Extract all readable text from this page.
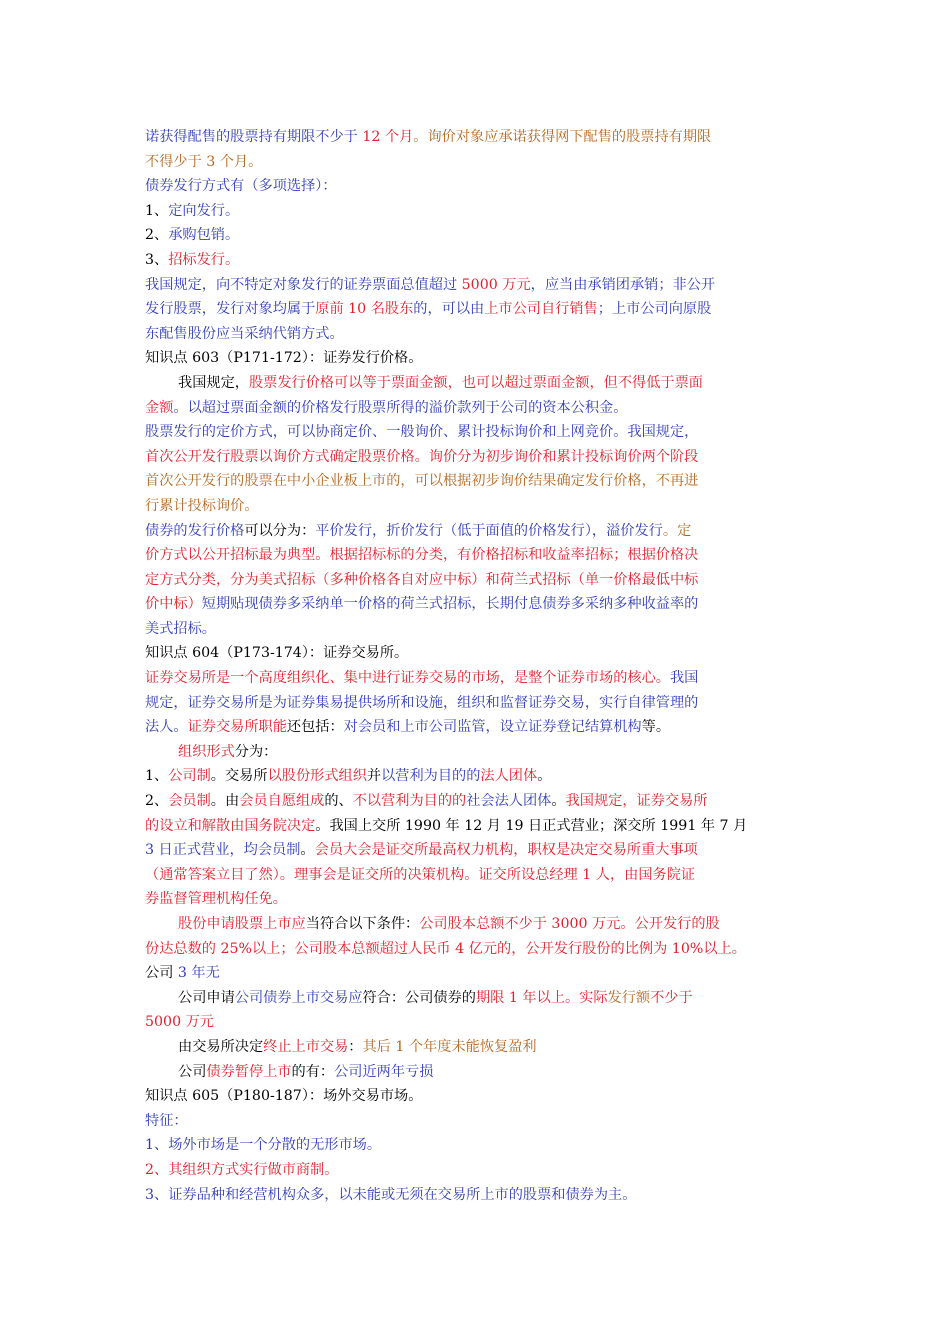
诺获得配售的股票持有期限不少于 12 个月。询价对象应承诺获得网下配售的股票持有期限
不得少于 3 个月。
债券发行方式有（多项选择）：
1、定向发行。
2、承购包销。
3、招标发行。
我国规定，向不特定对象发行的证券票面总值超过 5000 万元，应当由承销团承销；非公开
发行股票，发行对象均属于原前 10 名股东的，可以由上市公司自行销售；上市公司向原股
东配售股份应当采纳代销方式。
知识点 603（P171-172）：证券发行价格。
我国规定，股票发行价格可以等于票面金额，也可以超过票面金额，但不得低于票面
金额。以超过票面金额的价格发行股票所得的溢价款列于公司的资本公积金。
股票发行的定价方式，可以协商定价、一般询价、累计投标询价和上网竞价。我国规定，
首次公开发行股票以询价方式确定股票价格。询价分为初步询价和累计投标询价两个阶段
首次公开发行的股票在中小企业板上市的，可以根据初步询价结果确定发行价格，不再进
行累计投标询价。
债券的发行价格可以分为：平价发行，折价发行（低于面值的价格发行），溢价发行。定
价方式以公开招标最为典型。根据招标标的分类，有价格招标和收益率招标；根据价格决
定方式分类，分为美式招标（多种价格各自对应中标）和荷兰式招标（单一价格最低中标
价中标）短期贴现债券多采纳单一价格的荷兰式招标，长期付息债券多采纳多种收益率的
美式招标。
知识点 604（P173-174）：证券交易所。
证券交易所是一个高度组织化、集中进行证券交易的市场，是整个证券市场的核心。我国
规定，证券交易所是为证券集易提供场所和设施，组织和监督证券交易，实行自律管理的
法人。证券交易所职能还包括：对会员和上市公司监管，设立证券登记结算机构等。
组织形式分为：
1、公司制。交易所以股份形式组织并以营利为目的的法人团体。
2、会员制。由会员自愿组成的、不以营利为目的的社会法人团体。我国规定，证券交易所
的设立和解散由国务院决定。我国上交所 1990 年 12 月 19 日正式营业；深交所 1991 年 7 月
3 日正式营业，均会员制。会员大会是证交所最高权力机构，职权是决定交易所重大事项
（通常答案立目了然）。理事会是证交所的决策机构。证交所设总经理 1 人，由国务院证
券监督管理机构任免。
股份申请股票上市应当符合以下条件：公司股本总额不少于 3000 万元。公开发行的股
份达总数的 25%以上；公司股本总额超过人民币 4 亿元的，公开发行股份的比例为 10%以上。
公司 3 年无
公司申请公司债券上市交易应符合：公司债券的期限 1 年以上。实际发行额不少于
5000 万元
由交易所决定终止上市交易：其后 1 个年度未能恢复盈利
公司债券暂停上市的有：公司近两年亏损
知识点 605（P180-187）：场外交易市场。
特征：
1、场外市场是一个分散的无形市场。
2、其组织方式实行做市商制。
3、证券品种和经营机构众多，以未能或无须在交易所上市的股票和债券为主。
